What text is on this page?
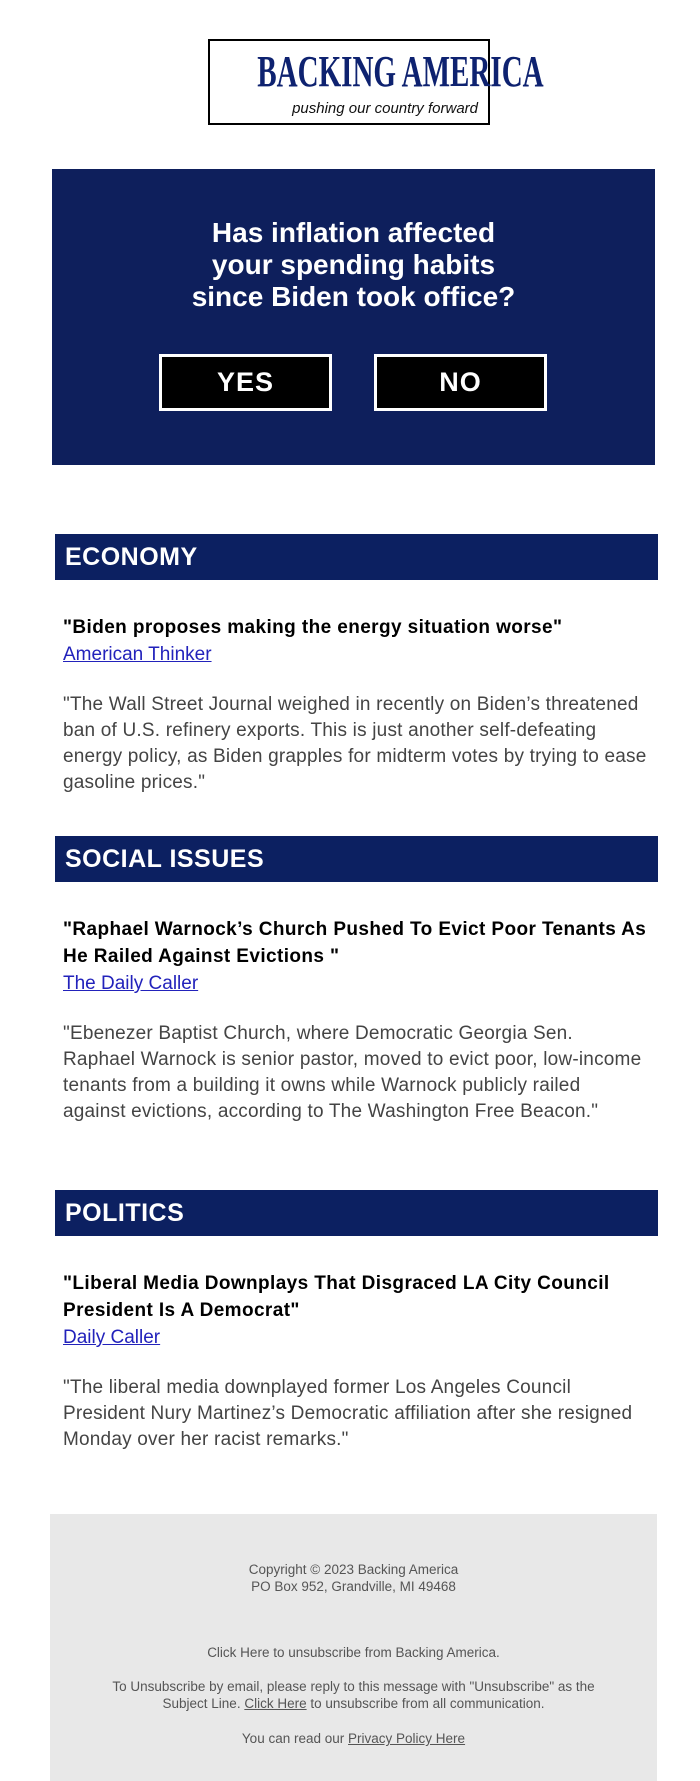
BACKING AMERICA
pushing our country forward
Has inflation affected
your spending habits
since Biden took office?
YES	NO
ECONOMY
"Biden proposes making the energy situation worse"
American Thinker
"The Wall Street Journal weighed in recently on Biden’s threatened ban of U.S. refinery exports. This is just another self-defeating energy policy, as Biden grapples for midterm votes by trying to ease gasoline prices."
SOCIAL ISSUES
"Raphael Warnock’s Church Pushed To Evict Poor Tenants As He Railed Against Evictions "
The Daily Caller
"Ebenezer Baptist Church, where Democratic Georgia Sen. Raphael Warnock is senior pastor, moved to evict poor, low-income tenants from a building it owns while Warnock publicly railed against evictions, according to The Washington Free Beacon."
POLITICS
"Liberal Media Downplays That Disgraced LA City Council President Is A Democrat"
Daily Caller
"The liberal media downplayed former Los Angeles Council President Nury Martinez’s Democratic affiliation after she resigned Monday over her racist remarks."
Copyright © 2023 Backing America
PO Box 952, Grandville, MI 49468
Click Here to unsubscribe from Backing America.
To Unsubscribe by email, please reply to this message with "Unsubscribe" as the Subject Line. Click Here to unsubscribe from all communication.
You can read our Privacy Policy Here
